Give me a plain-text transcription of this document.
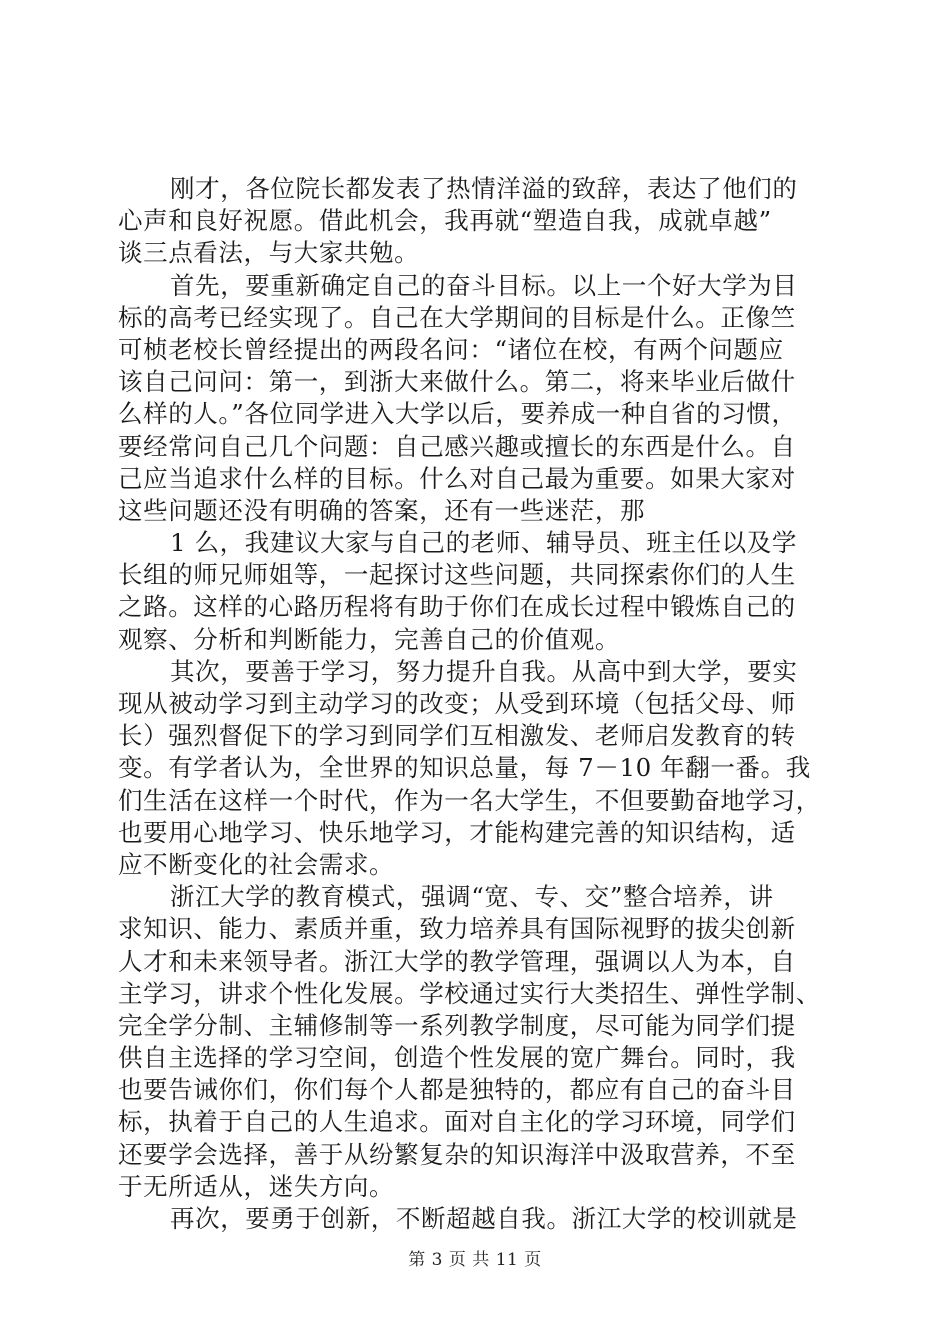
刚才，各位院长都发表了热情洋溢的致辞，表达了他们的
心声和良好祝愿。借此机会，我再就“塑造自我，成就卓越”
谈三点看法，与大家共勉。
首先，要重新确定自己的奋斗目标。以上一个好大学为目
标的高考已经实现了。自己在大学期间的目标是什么。正像竺
可桢老校长曾经提出的两段名问：“诸位在校，有两个问题应
该自己问问：第一，到浙大来做什么。第二，将来毕业后做什
么样的人。”各位同学进入大学以后，要养成一种自省的习惯，
要经常问自己几个问题：自己感兴趣或擅长的东西是什么。自
己应当追求什么样的目标。什么对自己最为重要。如果大家对
这些问题还没有明确的答案，还有一些迷茫，那
1 么，我建议大家与自己的老师、辅导员、班主任以及学
长组的师兄师姐等，一起探讨这些问题，共同探索你们的人生
之路。这样的心路历程将有助于你们在成长过程中锻炼自己的
观察、分析和判断能力，完善自己的价值观。
其次，要善于学习，努力提升自我。从高中到大学，要实
现从被动学习到主动学习的改变；从受到环境（包括父母、师
长）强烈督促下的学习到同学们互相激发、老师启发教育的转
变。有学者认为，全世界的知识总量，每 7－10 年翻一番。我
们生活在这样一个时代，作为一名大学生，不但要勤奋地学习，
也要用心地学习、快乐地学习，才能构建完善的知识结构，适
应不断变化的社会需求。
浙江大学的教育模式，强调“宽、专、交”整合培养，讲
求知识、能力、素质并重，致力培养具有国际视野的拔尖创新
人才和未来领导者。浙江大学的教学管理，强调以人为本，自
主学习，讲求个性化发展。学校通过实行大类招生、弹性学制、
完全学分制、主辅修制等一系列教学制度，尽可能为同学们提
供自主选择的学习空间，创造个性发展的宽广舞台。同时，我
也要告诫你们，你们每个人都是独特的，都应有自己的奋斗目
标，执着于自己的人生追求。面对自主化的学习环境，同学们
还要学会选择，善于从纷繁复杂的知识海洋中汲取营养，不至
于无所适从，迷失方向。
再次，要勇于创新，不断超越自我。浙江大学的校训就是
第 3 页 共 11 页
